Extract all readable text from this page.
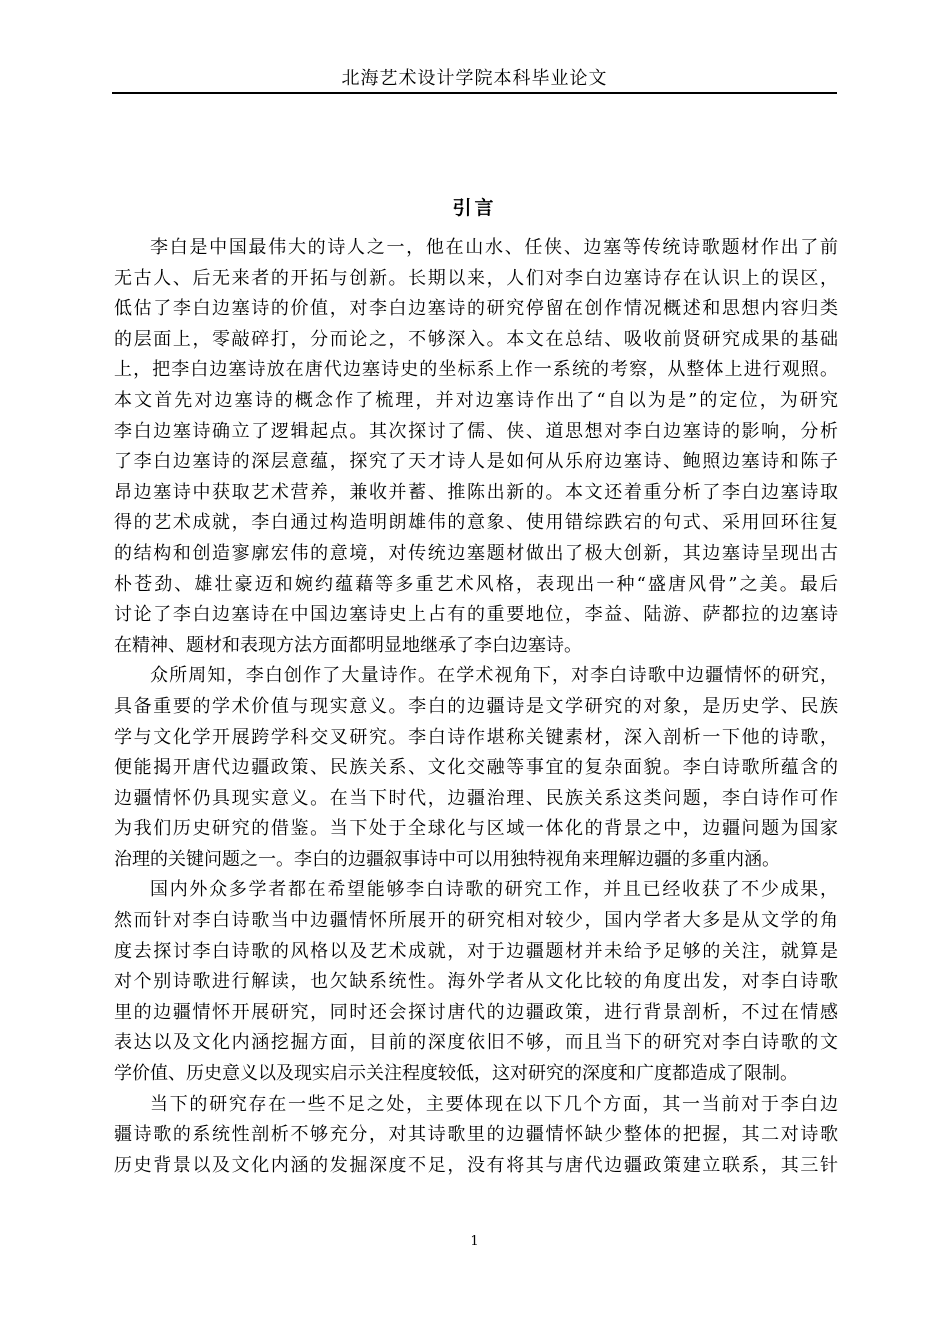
北海艺术设计学院本科毕业论文
引言
李白是中国最伟大的诗人之一，他在山水、任侠、边塞等传统诗歌题材作出了前
无古人、后无来者的开拓与创新。长期以来，人们对李白边塞诗存在认识上的误区，
低估了李白边塞诗的价值，对李白边塞诗的研究停留在创作情况概述和思想内容归类
的层面上，零敲碎打，分而论之，不够深入。本文在总结、吸收前贤研究成果的基础
上，把李白边塞诗放在唐代边塞诗史的坐标系上作一系统的考察，从整体上进行观照。
本文首先对边塞诗的概念作了梳理，并对边塞诗作出了“自以为是”的定位，为研究
李白边塞诗确立了逻辑起点。其次探讨了儒、侠、道思想对李白边塞诗的影响，分析
了李白边塞诗的深层意蕴，探究了天才诗人是如何从乐府边塞诗、鲍照边塞诗和陈子
昂边塞诗中获取艺术营养，兼收并蓄、推陈出新的。本文还着重分析了李白边塞诗取
得的艺术成就，李白通过构造明朗雄伟的意象、使用错综跌宕的句式、采用回环往复
的结构和创造寥廓宏伟的意境，对传统边塞题材做出了极大创新，其边塞诗呈现出古
朴苍劲、雄壮豪迈和婉约蕴藉等多重艺术风格，表现出一种“盛唐风骨”之美。最后
讨论了李白边塞诗在中国边塞诗史上占有的重要地位，李益、陆游、萨都拉的边塞诗
在精神、题材和表现方法方面都明显地继承了李白边塞诗。
众所周知，李白创作了大量诗作。在学术视角下，对李白诗歌中边疆情怀的研究，
具备重要的学术价值与现实意义。李白的边疆诗是文学研究的对象，是历史学、民族
学与文化学开展跨学科交叉研究。李白诗作堪称关键素材，深入剖析一下他的诗歌，
便能揭开唐代边疆政策、民族关系、文化交融等事宜的复杂面貌。李白诗歌所蕴含的
边疆情怀仍具现实意义。在当下时代，边疆治理、民族关系这类问题，李白诗作可作
为我们历史研究的借鉴。当下处于全球化与区域一体化的背景之中，边疆问题为国家
治理的关键问题之一。李白的边疆叙事诗中可以用独特视角来理解边疆的多重内涵。
国内外众多学者都在希望能够李白诗歌的研究工作，并且已经收获了不少成果，
然而针对李白诗歌当中边疆情怀所展开的研究相对较少，国内学者大多是从文学的角
度去探讨李白诗歌的风格以及艺术成就，对于边疆题材并未给予足够的关注，就算是
对个别诗歌进行解读，也欠缺系统性。海外学者从文化比较的角度出发，对李白诗歌
里的边疆情怀开展研究，同时还会探讨唐代的边疆政策，进行背景剖析，不过在情感
表达以及文化内涵挖掘方面，目前的深度依旧不够，而且当下的研究对李白诗歌的文
学价值、历史意义以及现实启示关注程度较低，这对研究的深度和广度都造成了限制。
当下的研究存在一些不足之处，主要体现在以下几个方面，其一当前对于李白边
疆诗歌的系统性剖析不够充分，对其诗歌里的边疆情怀缺少整体的把握，其二对诗歌
历史背景以及文化内涵的发掘深度不足，没有将其与唐代边疆政策建立联系，其三针
1
